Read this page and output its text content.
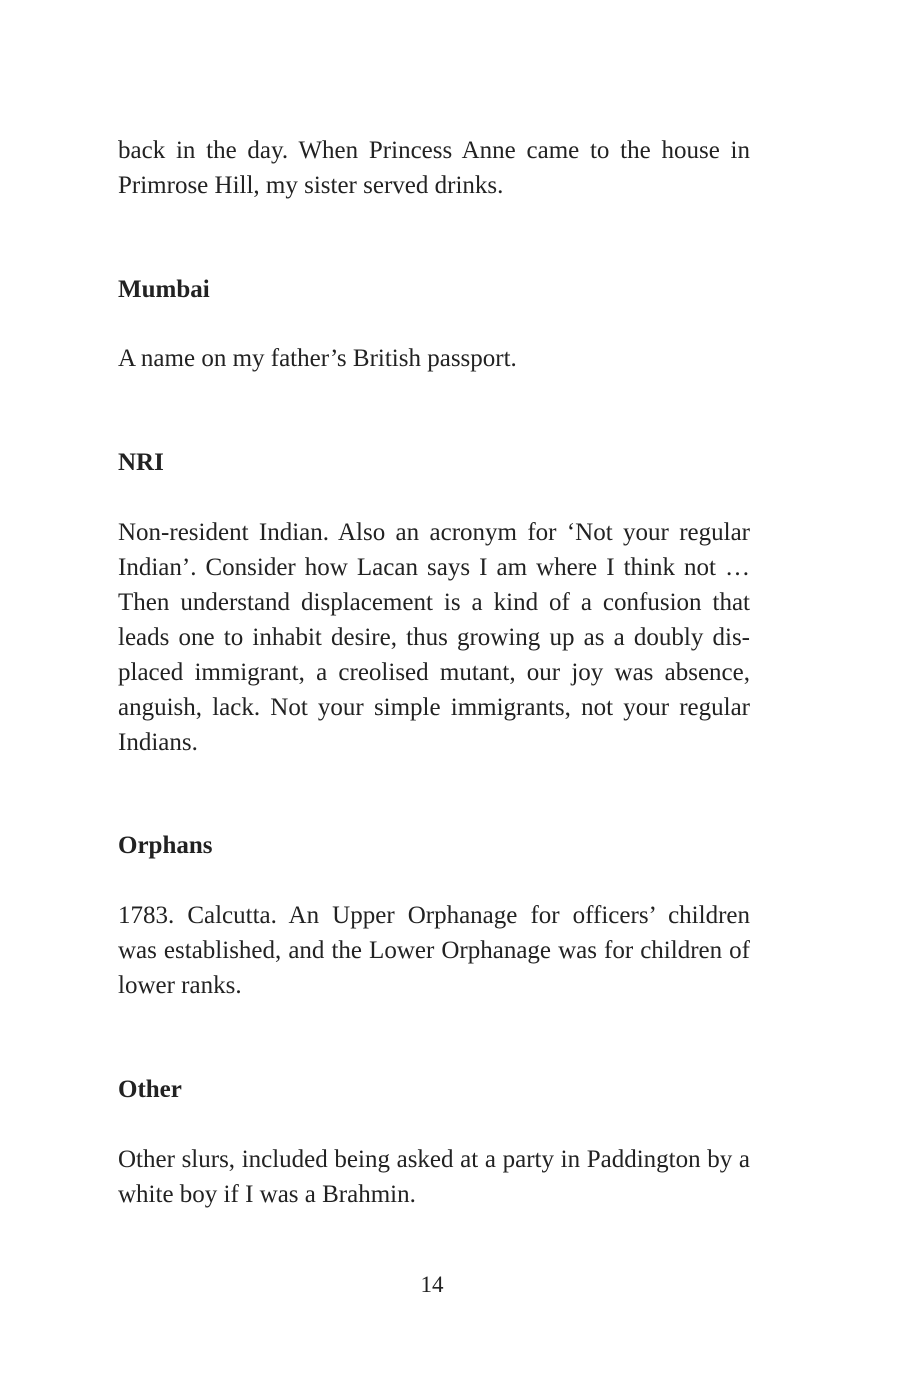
back in the day. When Princess Anne came to the house in
Primrose Hill, my sister served drinks.
Mumbai
A name on my father’s British passport.
NRI
Non-resident Indian. Also an acronym for ‘Not your regular
Indian’. Consider how Lacan says I am where I think not …
Then understand displacement is a kind of a confusion that
leads one to inhabit desire, thus growing up as a doubly dis-
placed immigrant, a creolised mutant, our joy was absence,
anguish, lack. Not your simple immigrants, not your regular
Indians.
Orphans
1783. Calcutta. An Upper Orphanage for officers’ children
was established, and the Lower Orphanage was for children of
lower ranks.
Other
Other slurs, included being asked at a party in Paddington by a
white boy if I was a Brahmin.
14
